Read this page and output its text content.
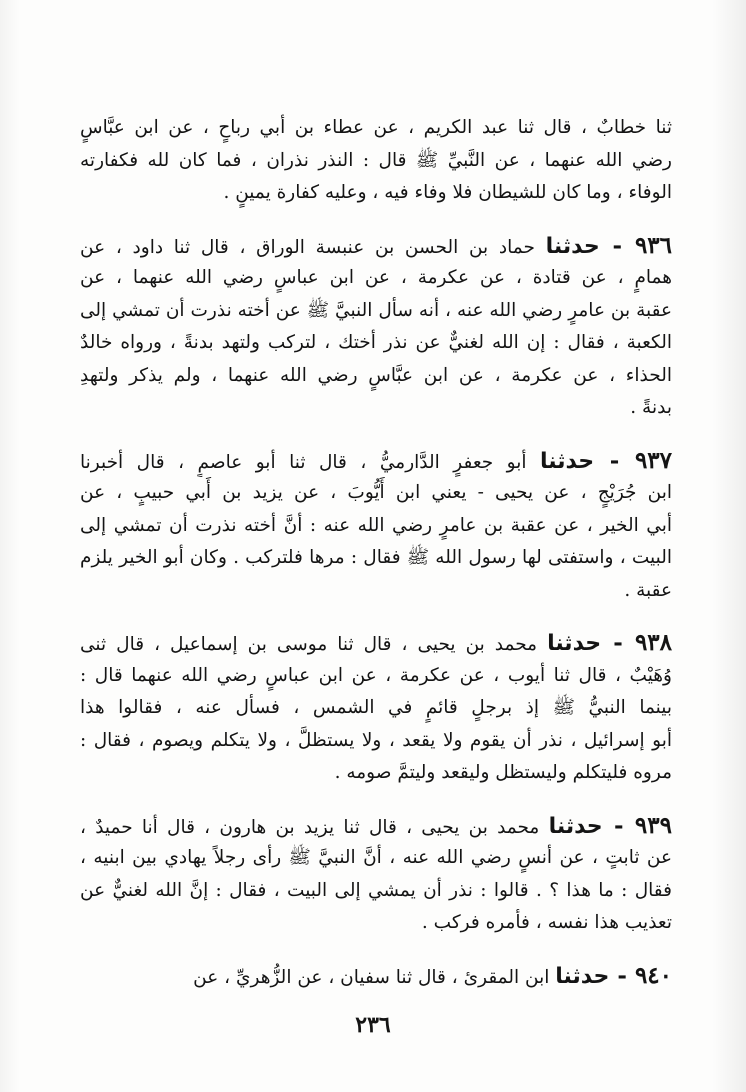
ثنا خطابٌ ، قال ثنا عبد الكريم ، عن عطاء بن أبي رباحٍ ، عن ابن عبَّاسٍ
رضي الله عنهما ، عن النَّبيِّ ﷺ قال : النذر نذران ، فما كان لله فكفارته
الوفاء ، وما كان للشيطان فلا وفاء فيه ، وعليه كفارة يمينٍ .
٩٣٦ - حدثنا حماد بن الحسن بن عنبسة الوراق ، قال ثنا داود ، عن
همامٍ ، عن قتادة ، عن عكرمة ، عن ابن عباسٍ رضي الله عنهما ، عن
عقبة بن عامرٍ رضي الله عنه ، أنه سأل النبيَّ ﷺ عن أخته نذرت أن تمشي إلى
الكعبة ، فقال : إن الله لغنيٌّ عن نذر أختك ، لتركب ولتهد بدنةً ، ورواه خالدٌ
الحذاء ، عن عكرمة ، عن ابن عبَّاسٍ رضي الله عنهما ، ولم يذكر ولتهدِ
بدنةً .
٩٣٧ - حدثنا أبو جعفرٍ الدَّارميُّ ، قال ثنا أبو عاصمٍ ، قال أخبرنا
ابن جُرَيْجٍ ، عن يحيى - يعني ابن أَيُّوبَ ، عن يزيد بن أَبي حبيبٍ ، عن
أبي الخير ، عن عقبة بن عامرٍ رضي الله عنه : أنَّ أخته نذرت أن تمشي إلى
البيت ، واستفتى لها رسول الله ﷺ فقال : مرها فلتركب . وكان أبو الخير يلزم
عقبة .
٩٣٨ - حدثنا محمد بن يحيى ، قال ثنا موسى بن إسماعيل ، قال ثنى
وُهَيْبٌ ، قال ثنا أيوب ، عن عكرمة ، عن ابن عباسٍ رضي الله عنهما قال :
بينما النبيُّ ﷺ إذ برجلٍ قائمٍ في الشمس ، فسأل عنه ، فقالوا هذا
أبو إسرائيل ، نذر أن يقوم ولا يقعد ، ولا يستظلَّ ، ولا يتكلم ويصوم ، فقال :
مروه فليتكلم وليستظل وليقعد وليتمَّ صومه .
٩٣٩ - حدثنا محمد بن يحيى ، قال ثنا يزيد بن هارون ، قال أنا حميدٌ ،
عن ثابتٍ ، عن أنسٍ رضي الله عنه ، أنَّ النبيَّ ﷺ رأى رجلاً يهادي بين ابنيه ،
فقال : ما هذا ؟ . قالوا : نذر أن يمشي إلى البيت ، فقال : إنَّ الله لغنيٌّ عن
تعذيب هذا نفسه ، فأمره فركب .
٩٤٠ - حدثنا ابن المقرئ ، قال ثنا سفيان ، عن الزُّهريِّ ، عن
٢٣٦
